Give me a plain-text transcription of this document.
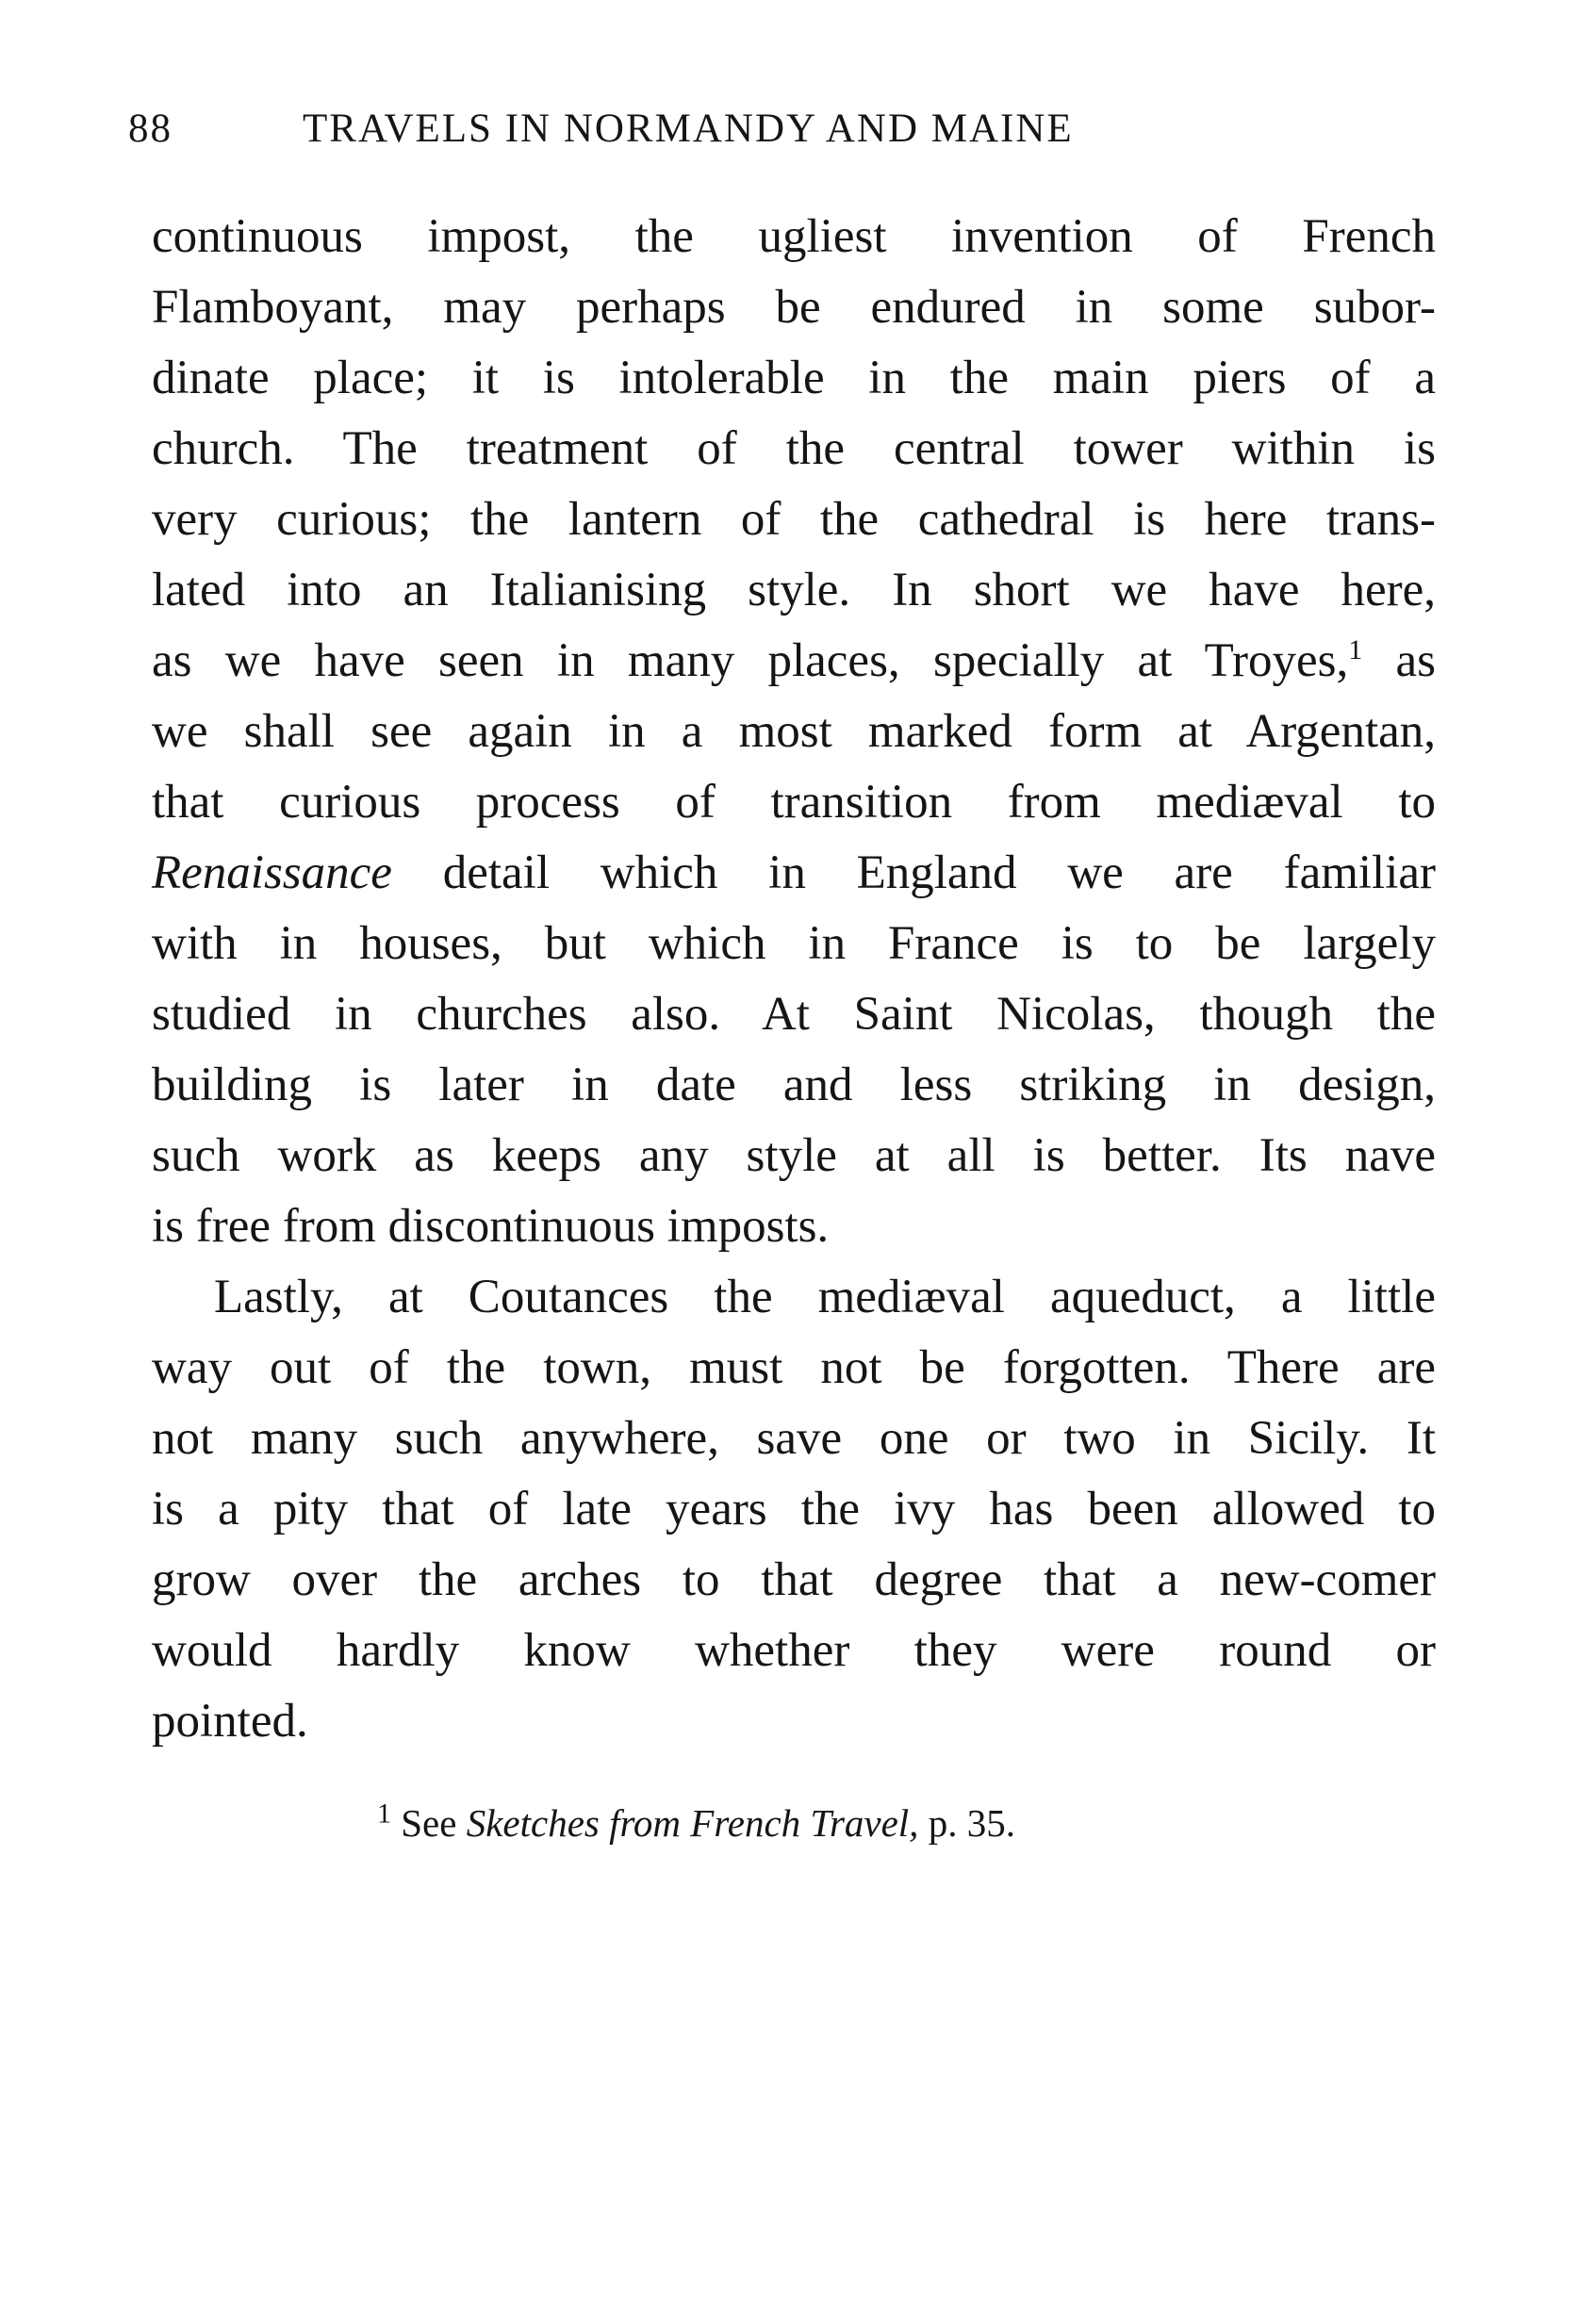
88	TRAVELS IN NORMANDY AND MAINE
continuous impost, the ugliest invention of French
Flamboyant, may perhaps be endured in some subor-
dinate place; it is intolerable in the main piers of a
church. The treatment of the central tower within is
very curious; the lantern of the cathedral is here trans-
lated into an Italianising style. In short we have here,
as we have seen in many places, specially at Troyes,$^1$ as
we shall see again in a most marked form at Argentan,
that curious process of transition from mediæval to
Renaissance detail which in England we are familiar
with in houses, but which in France is to be largely
studied in churches also. At Saint Nicolas, though the
building is later in date and less striking in design,
such work as keeps any style at all is better. Its nave
is free from discontinuous imposts.
Lastly, at Coutances the mediæval aqueduct, a little
way out of the town, must not be forgotten. There are
not many such anywhere, save one or two in Sicily. It
is a pity that of late years the ivy has been allowed to
grow over the arches to that degree that a new-comer
would hardly know whether they were round or
pointed.
$^1$ See Sketches from French Travel, p. 35.
